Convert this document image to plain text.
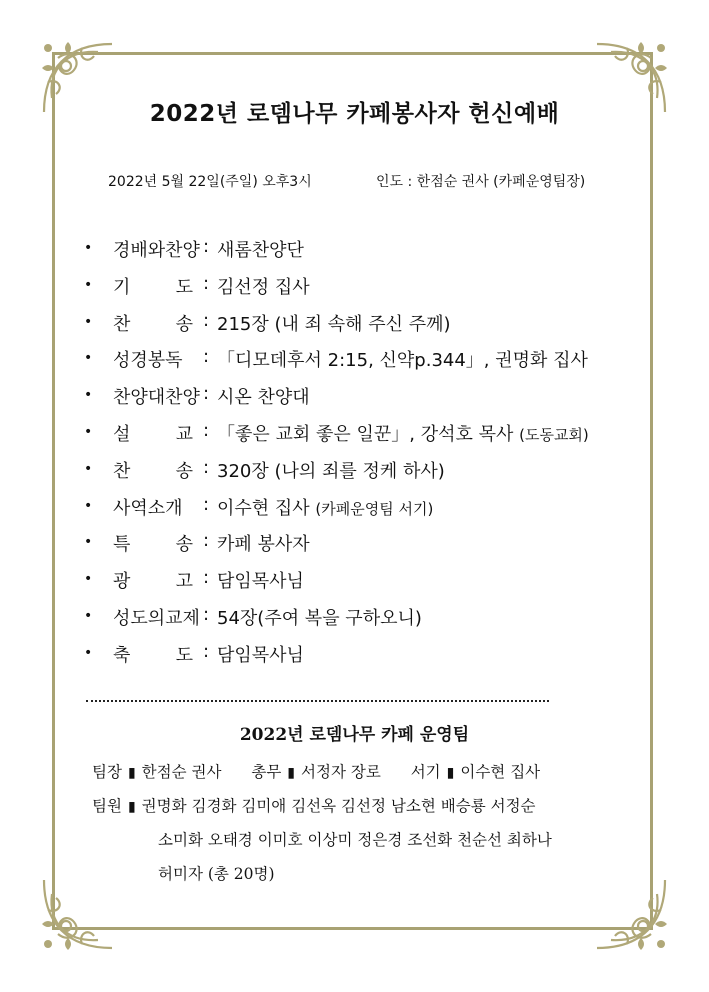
2022년 로뎀나무 카페봉사자 헌신예배
2022년 5월 22일(주일) 오후3시	인도 : 한점순 권사 (카페운영팀장)
• 경배와찬양 : 새롬찬양단
• 기	도 : 김선정 집사
• 찬	송 : 215장 (내 죄 속해 주신 주께)
• 성경봉독 : 「디모데후서 2:15, 신약p.344」, 권명화 집사
• 찬양대찬양 : 시온 찬양대
• 설	교 : 「좋은 교회 좋은 일꾼」, 강석호 목사 (도동교회)
• 찬	송 : 320장 (나의 죄를 정케 하사)
• 사역소개 : 이수현 집사 (카페운영팀 서기)
• 특	송 : 카페 봉사자
• 광	고 : 담임목사님
• 성도의교제 : 54장(주여 복을 구하오니)
• 축	도 : 담임목사님
2022년 로뎀나무 카페 운영팀
팀장 ▮ 한점순 권사 총무 ▮ 서정자 장로 서기 ▮ 이수현 집사
팀원 ▮ 권명화 김경화 김미애 김선옥 김선정 남소현 배승룡 서정순
소미화 오태경 이미호 이상미 정은경 조선화 천순선 최하나
허미자 (총 20명)
